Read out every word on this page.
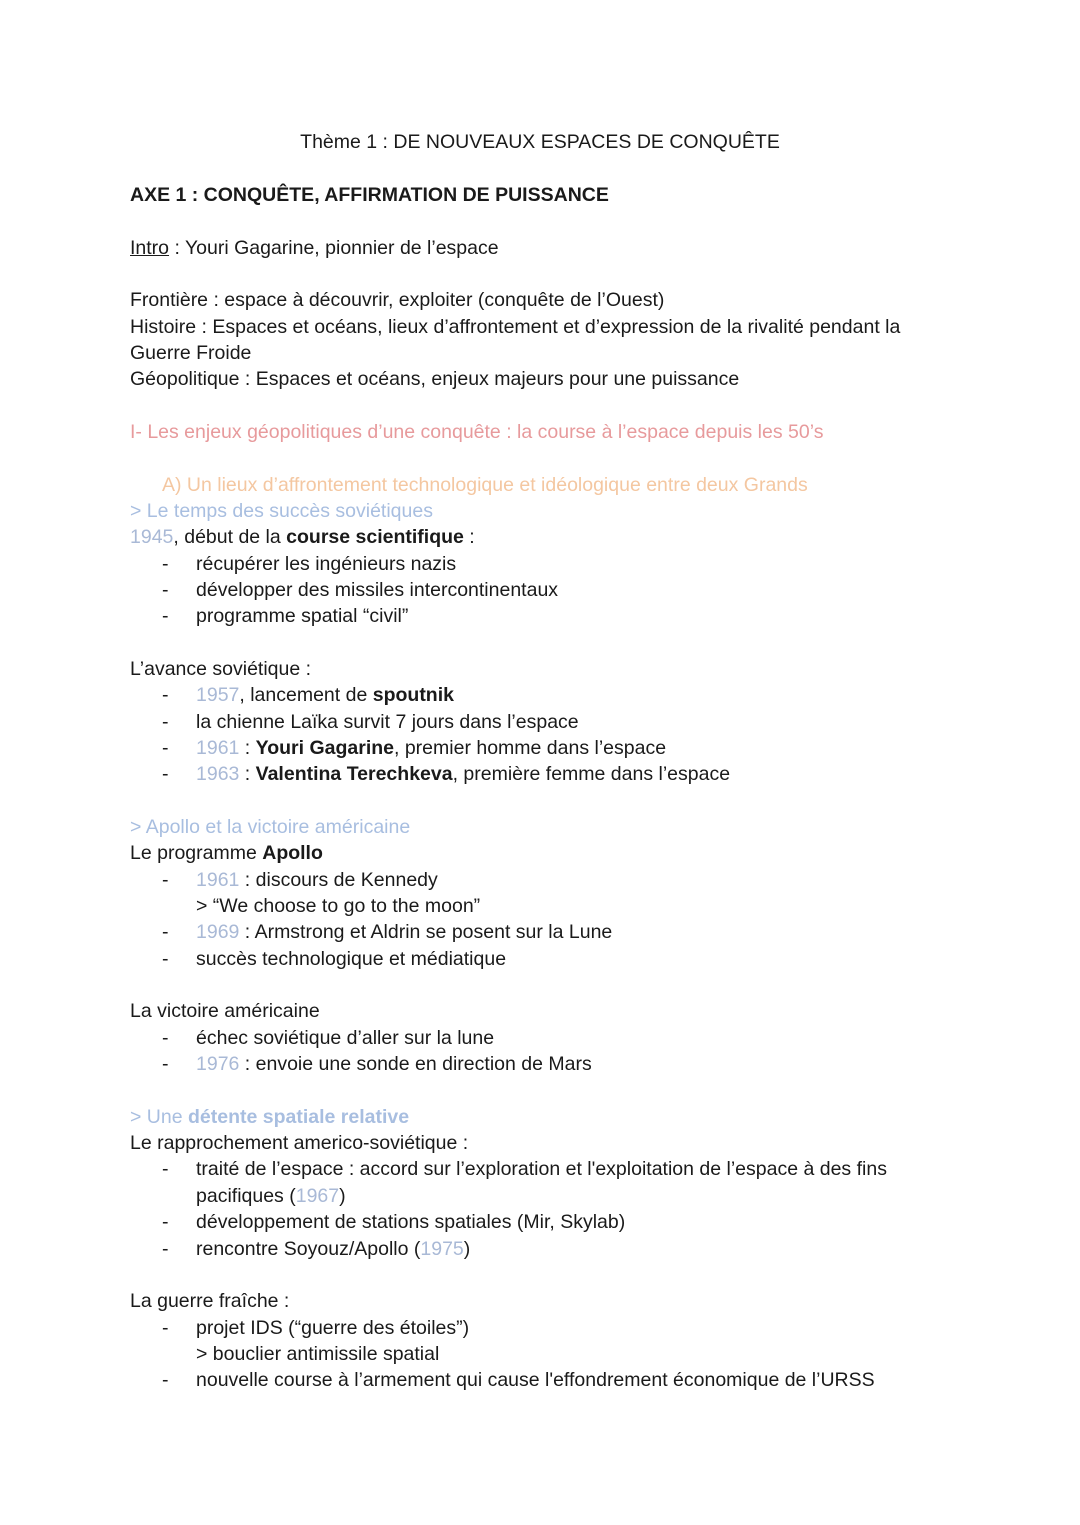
Thème 1 : DE NOUVEAUX ESPACES DE CONQUÊTE
AXE 1 : CONQUÊTE, AFFIRMATION DE PUISSANCE
Intro : Youri Gagarine, pionnier de l’espace
Frontière : espace à découvrir, exploiter (conquête de l’Ouest)
Histoire : Espaces et océans, lieux d’affrontement et d’expression de la rivalité pendant la
Guerre Froide
Géopolitique : Espaces et océans, enjeux majeurs pour une puissance
I- Les enjeux géopolitiques d’une conquête : la course à l’espace depuis les 50’s
A) Un lieux d’affrontement technologique et idéologique entre deux Grands
> Le temps des succès soviétiques
1945, début de la course scientifique :
- récupérer les ingénieurs nazis
- développer des missiles intercontinentaux
- programme spatial “civil”
L’avance soviétique :
- 1957, lancement de spoutnik
- la chienne Laïka survit 7 jours dans l’espace
- 1961 : Youri Gagarine, premier homme dans l’espace
- 1963 : Valentina Terechkeva, première femme dans l’espace
> Apollo et la victoire américaine
Le programme Apollo
- 1961 : discours de Kennedy
> “We choose to go to the moon”
- 1969 : Armstrong et Aldrin se posent sur la Lune
- succès technologique et médiatique
La victoire américaine
- échec soviétique d’aller sur la lune
- 1976 : envoie une sonde en direction de Mars
> Une détente spatiale relative
Le rapprochement americo-soviétique :
- traité de l’espace : accord sur l’exploration et l'exploitation de l’espace à des fins
pacifiques (1967)
- développement de stations spatiales (Mir, Skylab)
- rencontre Soyouz/Apollo (1975)
La guerre fraîche :
- projet IDS (“guerre des étoiles”)
> bouclier antimissile spatial
- nouvelle course à l’armement qui cause l'effondrement économique de l’URSS
